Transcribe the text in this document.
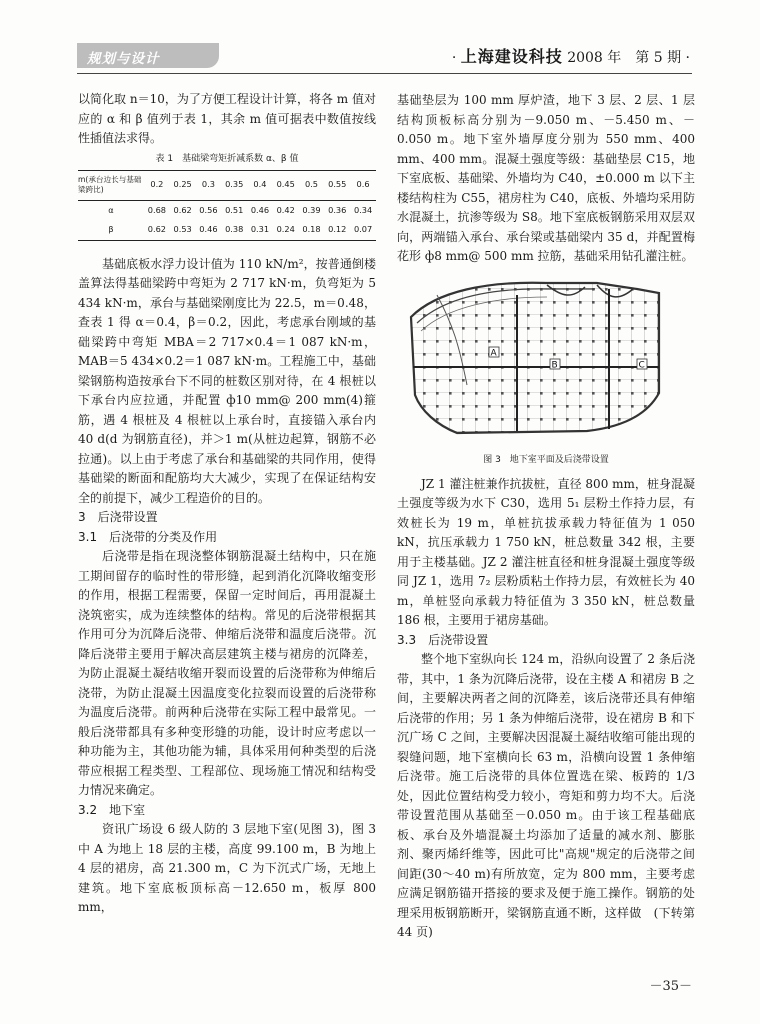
规划与设计	· 上海建设科技 2008 年　第 5 期 ·

以简化取 n＝10，为了方便工程设计计算，将各 m 值对应的 α 和 β 值列于表 1，其余 m 值可据表中数值按线性插值法求得。

表 1　基础梁弯矩折减系数 α、β 值
m(承台边长与基础梁跨比)	0.2	0.25	0.3	0.35	0.4	0.45	0.5	0.55	0.6
α	0.68	0.62	0.56	0.51	0.46	0.42	0.39	0.36	0.34
β	0.62	0.53	0.46	0.38	0.31	0.24	0.18	0.12	0.07

基础底板水浮力设计值为 110 kN/m²，按普通倒楼盖算法得基础梁跨中弯矩为 2 717 kN·m，负弯矩为 5 434 kN·m，承台与基础梁刚度比为 22.5，m＝0.48，查表 1 得 α＝0.4，β＝0.2，因此，考虑承台刚域的基础梁跨中弯矩 MBA＝2 717×0.4＝1 087 kN·m，MAB＝5 434×0.2＝1 087 kN·m。工程施工中，基础梁钢筋构造按承台下不同的桩数区别对待，在 4 根桩以下承台内应拉通，并配置 ф10 mm@ 200 mm(4)箍筋，遇 4 根桩及 4 根桩以上承台时，直接锚入承台内 40 d(d 为钢筋直径)，并＞1 m(从桩边起算，钢筋不必拉通)。以上由于考虑了承台和基础梁的共同作用，使得基础梁的断面和配筋均大大减少，实现了在保证结构安全的前提下，减少工程造价的目的。

3　后浇带设置

3.1　后浇带的分类及作用

后浇带是指在现浇整体钢筋混凝土结构中，只在施工期间留存的临时性的带形缝，起到消化沉降收缩变形的作用，根据工程需要，保留一定时间后，再用混凝土浇筑密实，成为连续整体的结构。常见的后浇带根据其作用可分为沉降后浇带、伸缩后浇带和温度后浇带。沉降后浇带主要用于解决高层建筑主楼与裙房的沉降差，为防止混凝土凝结收缩开裂而设置的后浇带称为伸缩后浇带，为防止混凝土因温度变化拉裂而设置的后浇带称为温度后浇带。前两种后浇带在实际工程中最常见。一般后浇带都具有多种变形缝的功能，设计时应考虑以一种功能为主，其他功能为辅，具体采用何种类型的后浇带应根据工程类型、工程部位、现场施工情况和结构受力情况来确定。

3.2　地下室

资讯广场设 6 级人防的 3 层地下室(见图 3)，图 3 中 A 为地上 18 层的主楼，高度 99.100 m，B 为地上 4 层的裙房，高 21.300 m，C 为下沉式广场，无地上建筑。地下室底板顶标高－12.650 m，板厚 800 mm，

基础垫层为 100 mm 厚炉渣，地下 3 层、2 层、1 层结构顶板标高分别为－9.050 m、－5.450 m、－0.050 m。地下室外墙厚度分别为 550 mm、400 mm、400 mm。混凝土强度等级：基础垫层 C15，地下室底板、基础梁、外墙均为 C40，±0.000 m 以下主楼结构柱为 C55，裙房柱为 C40，底板、外墙均采用防水混凝土，抗渗等级为 S8。地下室底板钢筋采用双层双向，两端锚入承台、承台梁或基础梁内 35 d，并配置梅花形 ф8 mm@ 500 mm 拉筋，基础采用钻孔灌注桩。

A
B	C
图 3　地下室平面及后浇带设置

JZ 1 灌注桩兼作抗拔桩，直径 800 mm，桩身混凝土强度等级为水下 C30，选用 5₁ 层粉土作持力层，有效桩长为 19 m，单桩抗拔承载力特征值为 1 050 kN，抗压承载力 1 750 kN，桩总数量 342 根，主要用于主楼基础。JZ 2 灌注桩直径和桩身混凝土强度等级同 JZ 1，选用 7₂ 层粉质粘土作持力层，有效桩长为 40 m，单桩竖向承载力特征值为 3 350 kN，桩总数量 186 根，主要用于裙房基础。

3.3　后浇带设置

整个地下室纵向长 124 m，沿纵向设置了 2 条后浇带，其中，1 条为沉降后浇带，设在主楼 A 和裙房 B 之间，主要解决两者之间的沉降差，该后浇带还具有伸缩后浇带的作用；另 1 条为伸缩后浇带，设在裙房 B 和下沉广场 C 之间，主要解决因混凝土凝结收缩可能出现的裂缝问题，地下室横向长 63 m，沿横向设置 1 条伸缩后浇带。施工后浇带的具体位置选在梁、板跨的 1/3 处，因此位置结构受力较小，弯矩和剪力均不大。后浇带设置范围从基础至－0.050 m。由于该工程基础底板、承台及外墙混凝土均添加了适量的减水剂、膨胀剂、聚丙烯纤维等，因此可比"高规"规定的后浇带之间间距(30～40 m)有所放宽，定为 800 mm，主要考虑应满足钢筋锚开搭接的要求及便于施工操作。钢筋的处理采用板钢筋断开，梁钢筋直通不断，这样做　(下转第 44 页)

－35－
